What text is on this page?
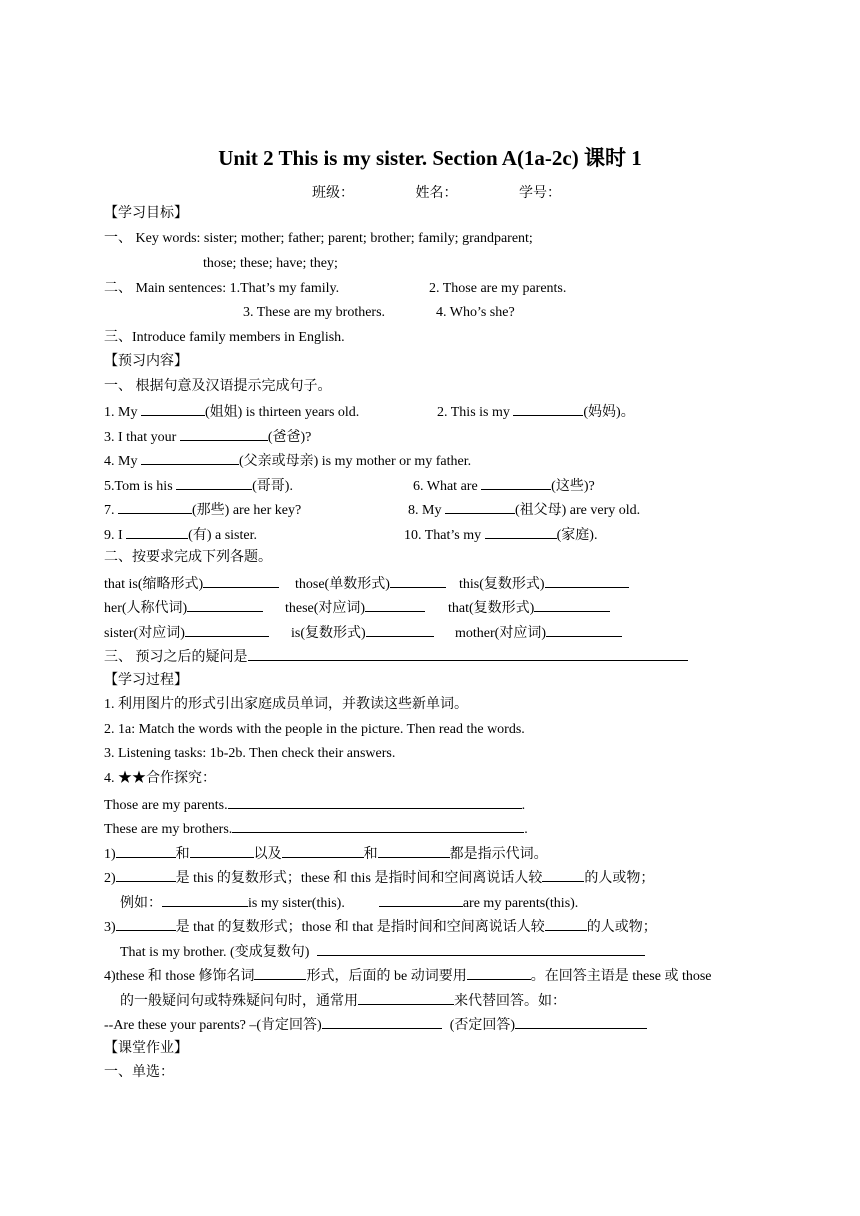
Unit 2 This is my sister. Section A(1a-2c) 课时 1
班级：	姓名：	学号：
【学习目标】
一、 Key words: sister; mother; father; parent; brother; family; grandparent;
those; these; have; they;
二、 Main sentences: 1.That’s my family.	2. Those are my parents.
3. These are my brothers.	4. Who’s she?
三、Introduce family members in English.
【预习内容】
一、 根据句意及汉语提示完成句子。
1. My	(姐姐) is thirteen years old.	2. This is my	(妈妈)。
3. I that your	(爸爸)?
4. My	(父亲或母亲) is my mother or my father.
5.Tom is his	(哥哥).	6. What are	(这些)?
7.	(那些) are her key?	8. My	(祖父母) are very old.
9. I	(有) a sister.	10. That’s my	(家庭).
二、按要求完成下列各题。
that is(缩略形式)	those(单数形式)	this(复数形式)
her(人称代词)	these(对应词)	that(复数形式)
sister(对应词)	is(复数形式)	mother(对应词)
三、 预习之后的疑问是
【学习过程】
1. 利用图片的形式引出家庭成员单词，并教读这些新单词。
2. 1a: Match the words with the people in the picture. Then read the words.
3. Listening tasks: 1b-2b. Then check their answers.
4. ★★合作探究：
Those are my parents.	.
These are my brothers.	.
1)	和	以及	和	都是指示代词。
2)	是 this 的复数形式；these 和 this 是指时间和空间离说话人较	的人或物；
例如：	is my sister(this).	are my parents(this).
3)	是 that 的复数形式；those 和 that 是指时间和空间离说话人较	的人或物；
That is my brother. (变成复数句)
4)these 和 those 修饰名词	形式，后面的 be 动词要用	。在回答主语是 these 或 those
的一般疑问句或特殊疑问句时，通常用	来代替回答。如：
--Are these your parents? –(肯定回答)	(否定回答)
【课堂作业】
一、单选：
